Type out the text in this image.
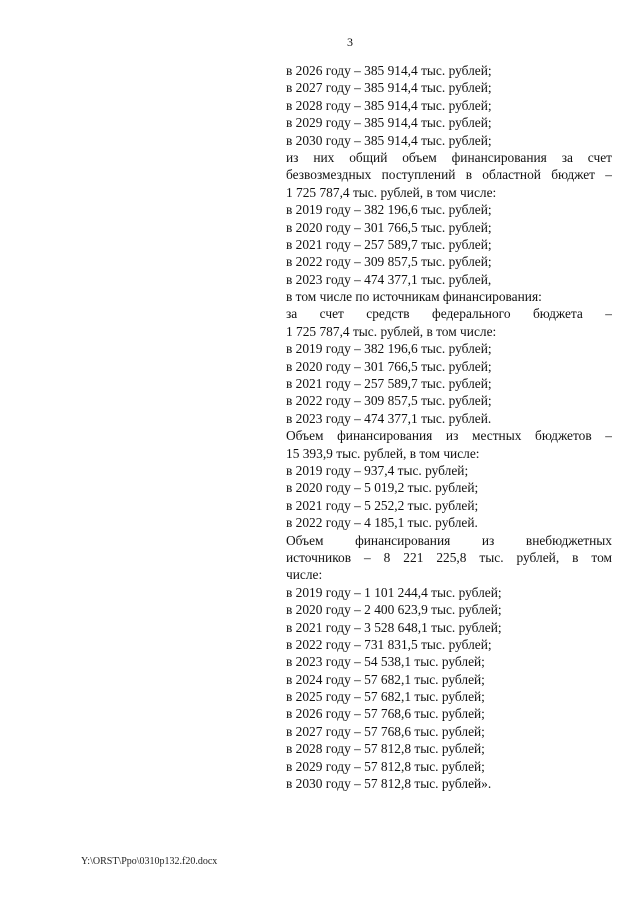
3
в 2026 году – 385 914,4 тыс. рублей;
в 2027 году – 385 914,4 тыс. рублей;
в 2028 году – 385 914,4 тыс. рублей;
в 2029 году – 385 914,4 тыс. рублей;
в 2030 году – 385 914,4 тыс. рублей;
из них общий объем финансирования за счет
безвозмездных поступлений в областной бюджет –
1 725 787,4 тыс. рублей, в том числе:
в 2019 году – 382 196,6 тыс. рублей;
в 2020 году – 301 766,5 тыс. рублей;
в 2021 году – 257 589,7 тыс. рублей;
в 2022 году – 309 857,5 тыс. рублей;
в 2023 году – 474 377,1 тыс. рублей,
в том числе по источникам финансирования:
за счет средств федерального бюджета –
1 725 787,4 тыс. рублей, в том числе:
в 2019 году – 382 196,6 тыс. рублей;
в 2020 году – 301 766,5 тыс. рублей;
в 2021 году – 257 589,7 тыс. рублей;
в 2022 году – 309 857,5 тыс. рублей;
в 2023 году – 474 377,1 тыс. рублей.
Объем финансирования из местных бюджетов –
15 393,9 тыс. рублей, в том числе:
в 2019 году – 937,4 тыс. рублей;
в 2020 году – 5 019,2 тыс. рублей;
в 2021 году – 5 252,2 тыс. рублей;
в 2022 году – 4 185,1 тыс. рублей.
Объем финансирования из внебюджетных
источников – 8 221 225,8 тыс. рублей, в том
числе:
в 2019 году – 1 101 244,4 тыс. рублей;
в 2020 году – 2 400 623,9 тыс. рублей;
в 2021 году – 3 528 648,1 тыс. рублей;
в 2022 году – 731 831,5 тыс. рублей;
в 2023 году – 54 538,1 тыс. рублей;
в 2024 году – 57 682,1 тыс. рублей;
в 2025 году – 57 682,1 тыс. рублей;
в 2026 году – 57 768,6 тыс. рублей;
в 2027 году – 57 768,6 тыс. рублей;
в 2028 году – 57 812,8 тыс. рублей;
в 2029 году – 57 812,8 тыс. рублей;
в 2030 году – 57 812,8 тыс. рублей».
Y:\ORST\Ppo\0310p132.f20.docx
